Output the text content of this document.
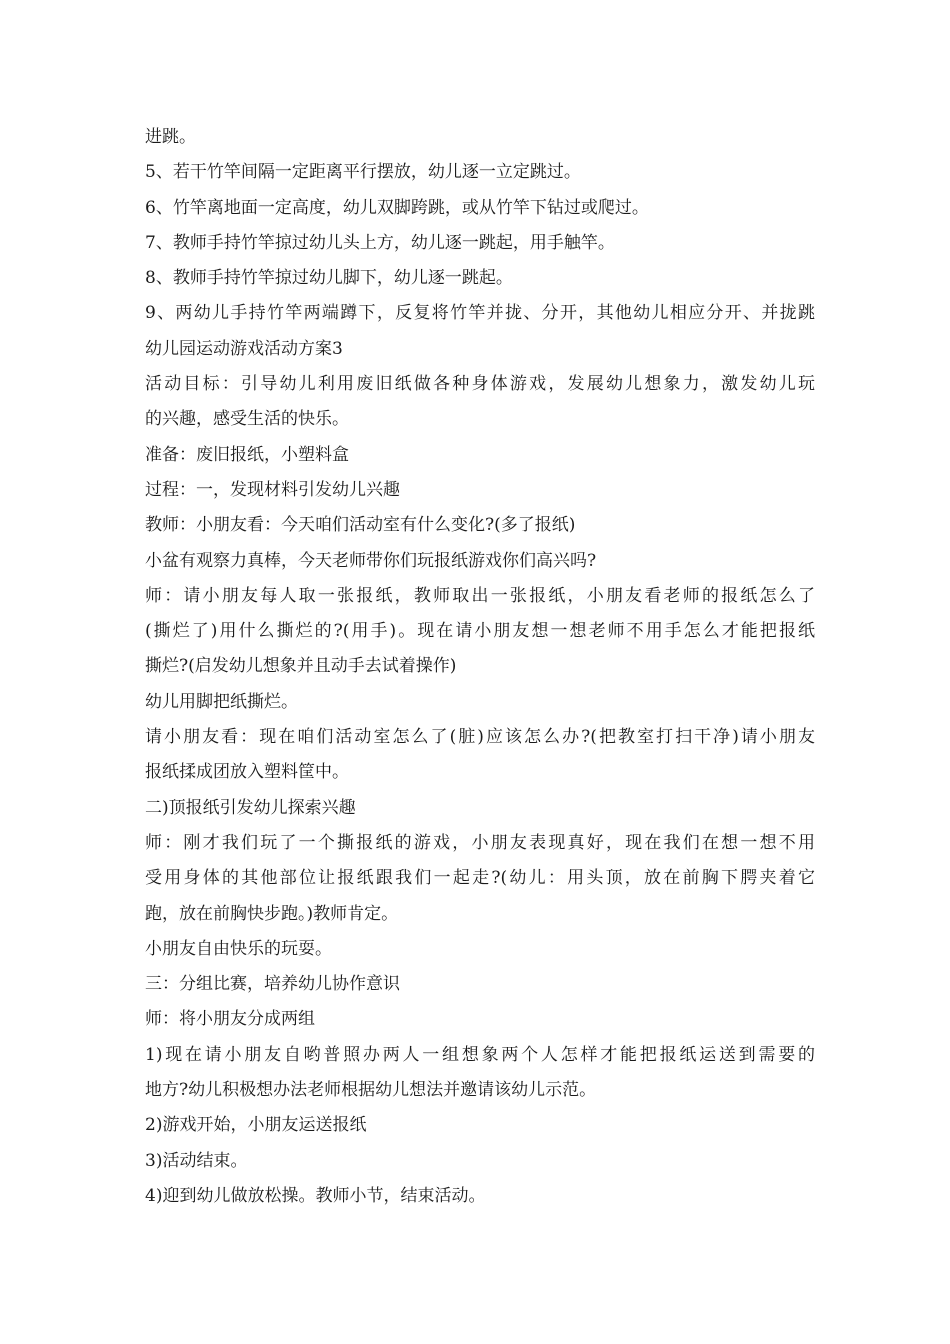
进跳。
5、若干竹竿间隔一定距离平行摆放，幼儿逐一立定跳过。
6、竹竿离地面一定高度，幼儿双脚跨跳，或从竹竿下钻过或爬过。
7、教师手持竹竿掠过幼儿头上方，幼儿逐一跳起，用手触竿。
8、教师手持竹竿掠过幼儿脚下，幼儿逐一跳起。
9、两幼儿手持竹竿两端蹲下，反复将竹竿并拢、分开，其他幼儿相应分开、并拢跳
幼儿园运动游戏活动方案3
活动目标：引导幼儿利用废旧纸做各种身体游戏，发展幼儿想象力，激发幼儿玩
的兴趣，感受生活的快乐。
准备：废旧报纸，小塑料盒
过程：一，发现材料引发幼儿兴趣
教师：小朋友看：今天咱们活动室有什么变化?(多了报纸)
小盆有观察力真棒，今天老师带你们玩报纸游戏你们高兴吗?
师：请小朋友每人取一张报纸，教师取出一张报纸，小朋友看老师的报纸怎么了
(撕烂了)用什么撕烂的?(用手)。现在请小朋友想一想老师不用手怎么才能把报纸
撕烂?(启发幼儿想象并且动手去试着操作)
幼儿用脚把纸撕烂。
请小朋友看：现在咱们活动室怎么了(脏)应该怎么办?(把教室打扫干净)请小朋友
报纸揉成团放入塑料筐中。
二)顶报纸引发幼儿探索兴趣
师：刚才我们玩了一个撕报纸的游戏，小朋友表现真好，现在我们在想一想不用
受用身体的其他部位让报纸跟我们一起走?(幼儿：用头顶，放在前胸下腭夹着它
跑，放在前胸快步跑。)教师肯定。
小朋友自由快乐的玩耍。
三：分组比赛，培养幼儿协作意识
师：将小朋友分成两组
1)现在请小朋友自哟普照办两人一组想象两个人怎样才能把报纸运送到需要的
地方?幼儿积极想办法老师根据幼儿想法并邀请该幼儿示范。
2)游戏开始，小朋友运送报纸
3)活动结束。
4)迎到幼儿做放松操。教师小节，结束活动。
